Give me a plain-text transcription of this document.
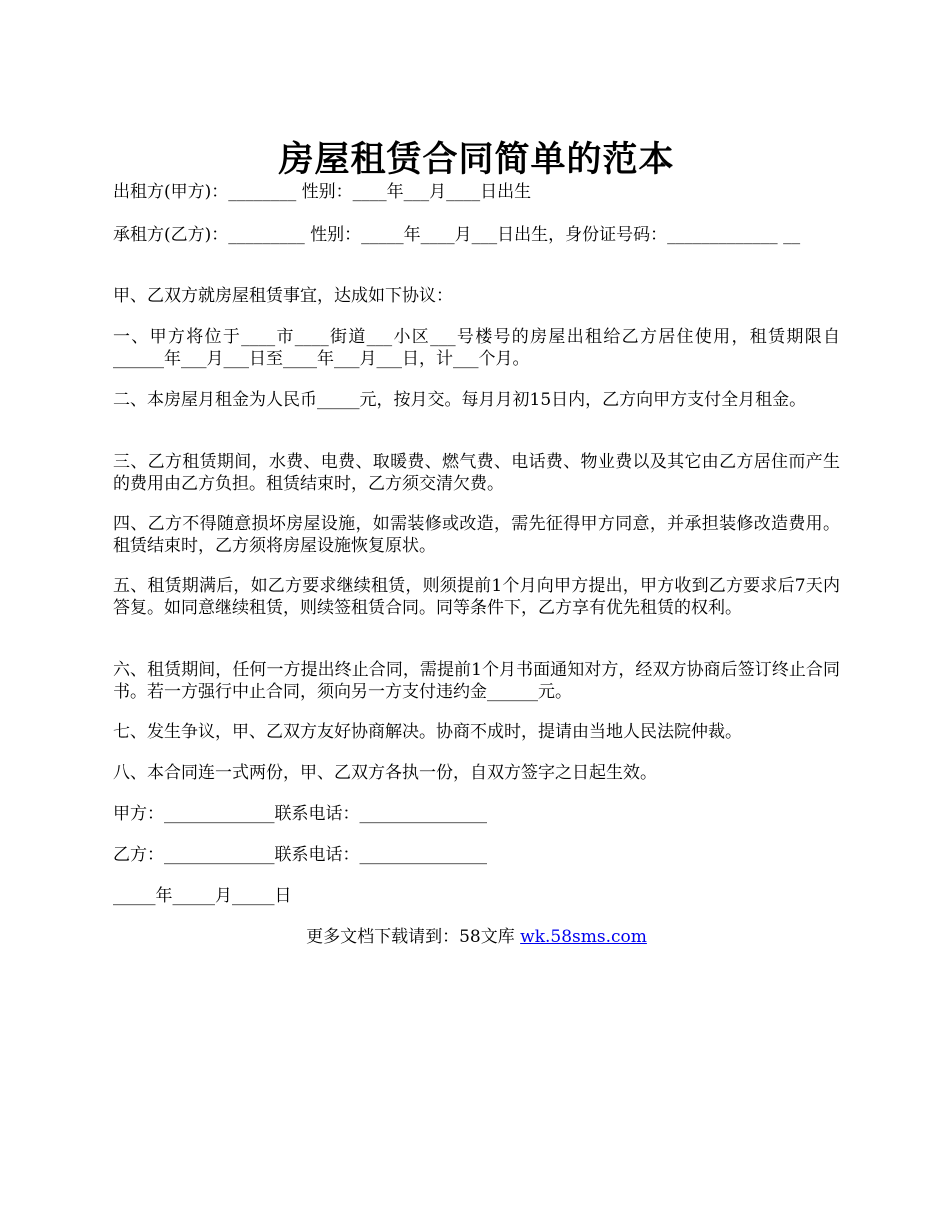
房屋租赁合同简单的范本

出租方(甲方)：________ 性别：____年___月____日出生

承租方(乙方)：_________ 性别：_____年____月___日出生，身份证号码：_____________ __

甲、乙双方就房屋租赁事宜，达成如下协议：

一、甲方将位于____市____街道___小区___号楼号的房屋出租给乙方居住使用，租赁期限自______年___月___日至____年___月___日，计___个月。

二、本房屋月租金为人民币_____元，按月交。每月月初15日内，乙方向甲方支付全月租金。

三、乙方租赁期间，水费、电费、取暖费、燃气费、电话费、物业费以及其它由乙方居住而产生的费用由乙方负担。租赁结束时，乙方须交清欠费。

四、乙方不得随意损坏房屋设施，如需装修或改造，需先征得甲方同意，并承担装修改造费用。租赁结束时，乙方须将房屋设施恢复原状。

五、租赁期满后，如乙方要求继续租赁，则须提前1个月向甲方提出，甲方收到乙方要求后7天内答复。如同意继续租赁，则续签租赁合同。同等条件下，乙方享有优先租赁的权利。

六、租赁期间，任何一方提出终止合同，需提前1个月书面通知对方，经双方协商后签订终止合同书。若一方强行中止合同，须向另一方支付违约金______元。

七、发生争议，甲、乙双方友好协商解决。协商不成时，提请由当地人民法院仲裁。

八、本合同连一式两份，甲、乙双方各执一份，自双方签字之日起生效。

甲方：_____________联系电话：_______________

乙方：_____________联系电话：_______________

_____年_____月_____日

更多文档下载请到：58文库 wk.58sms.com
